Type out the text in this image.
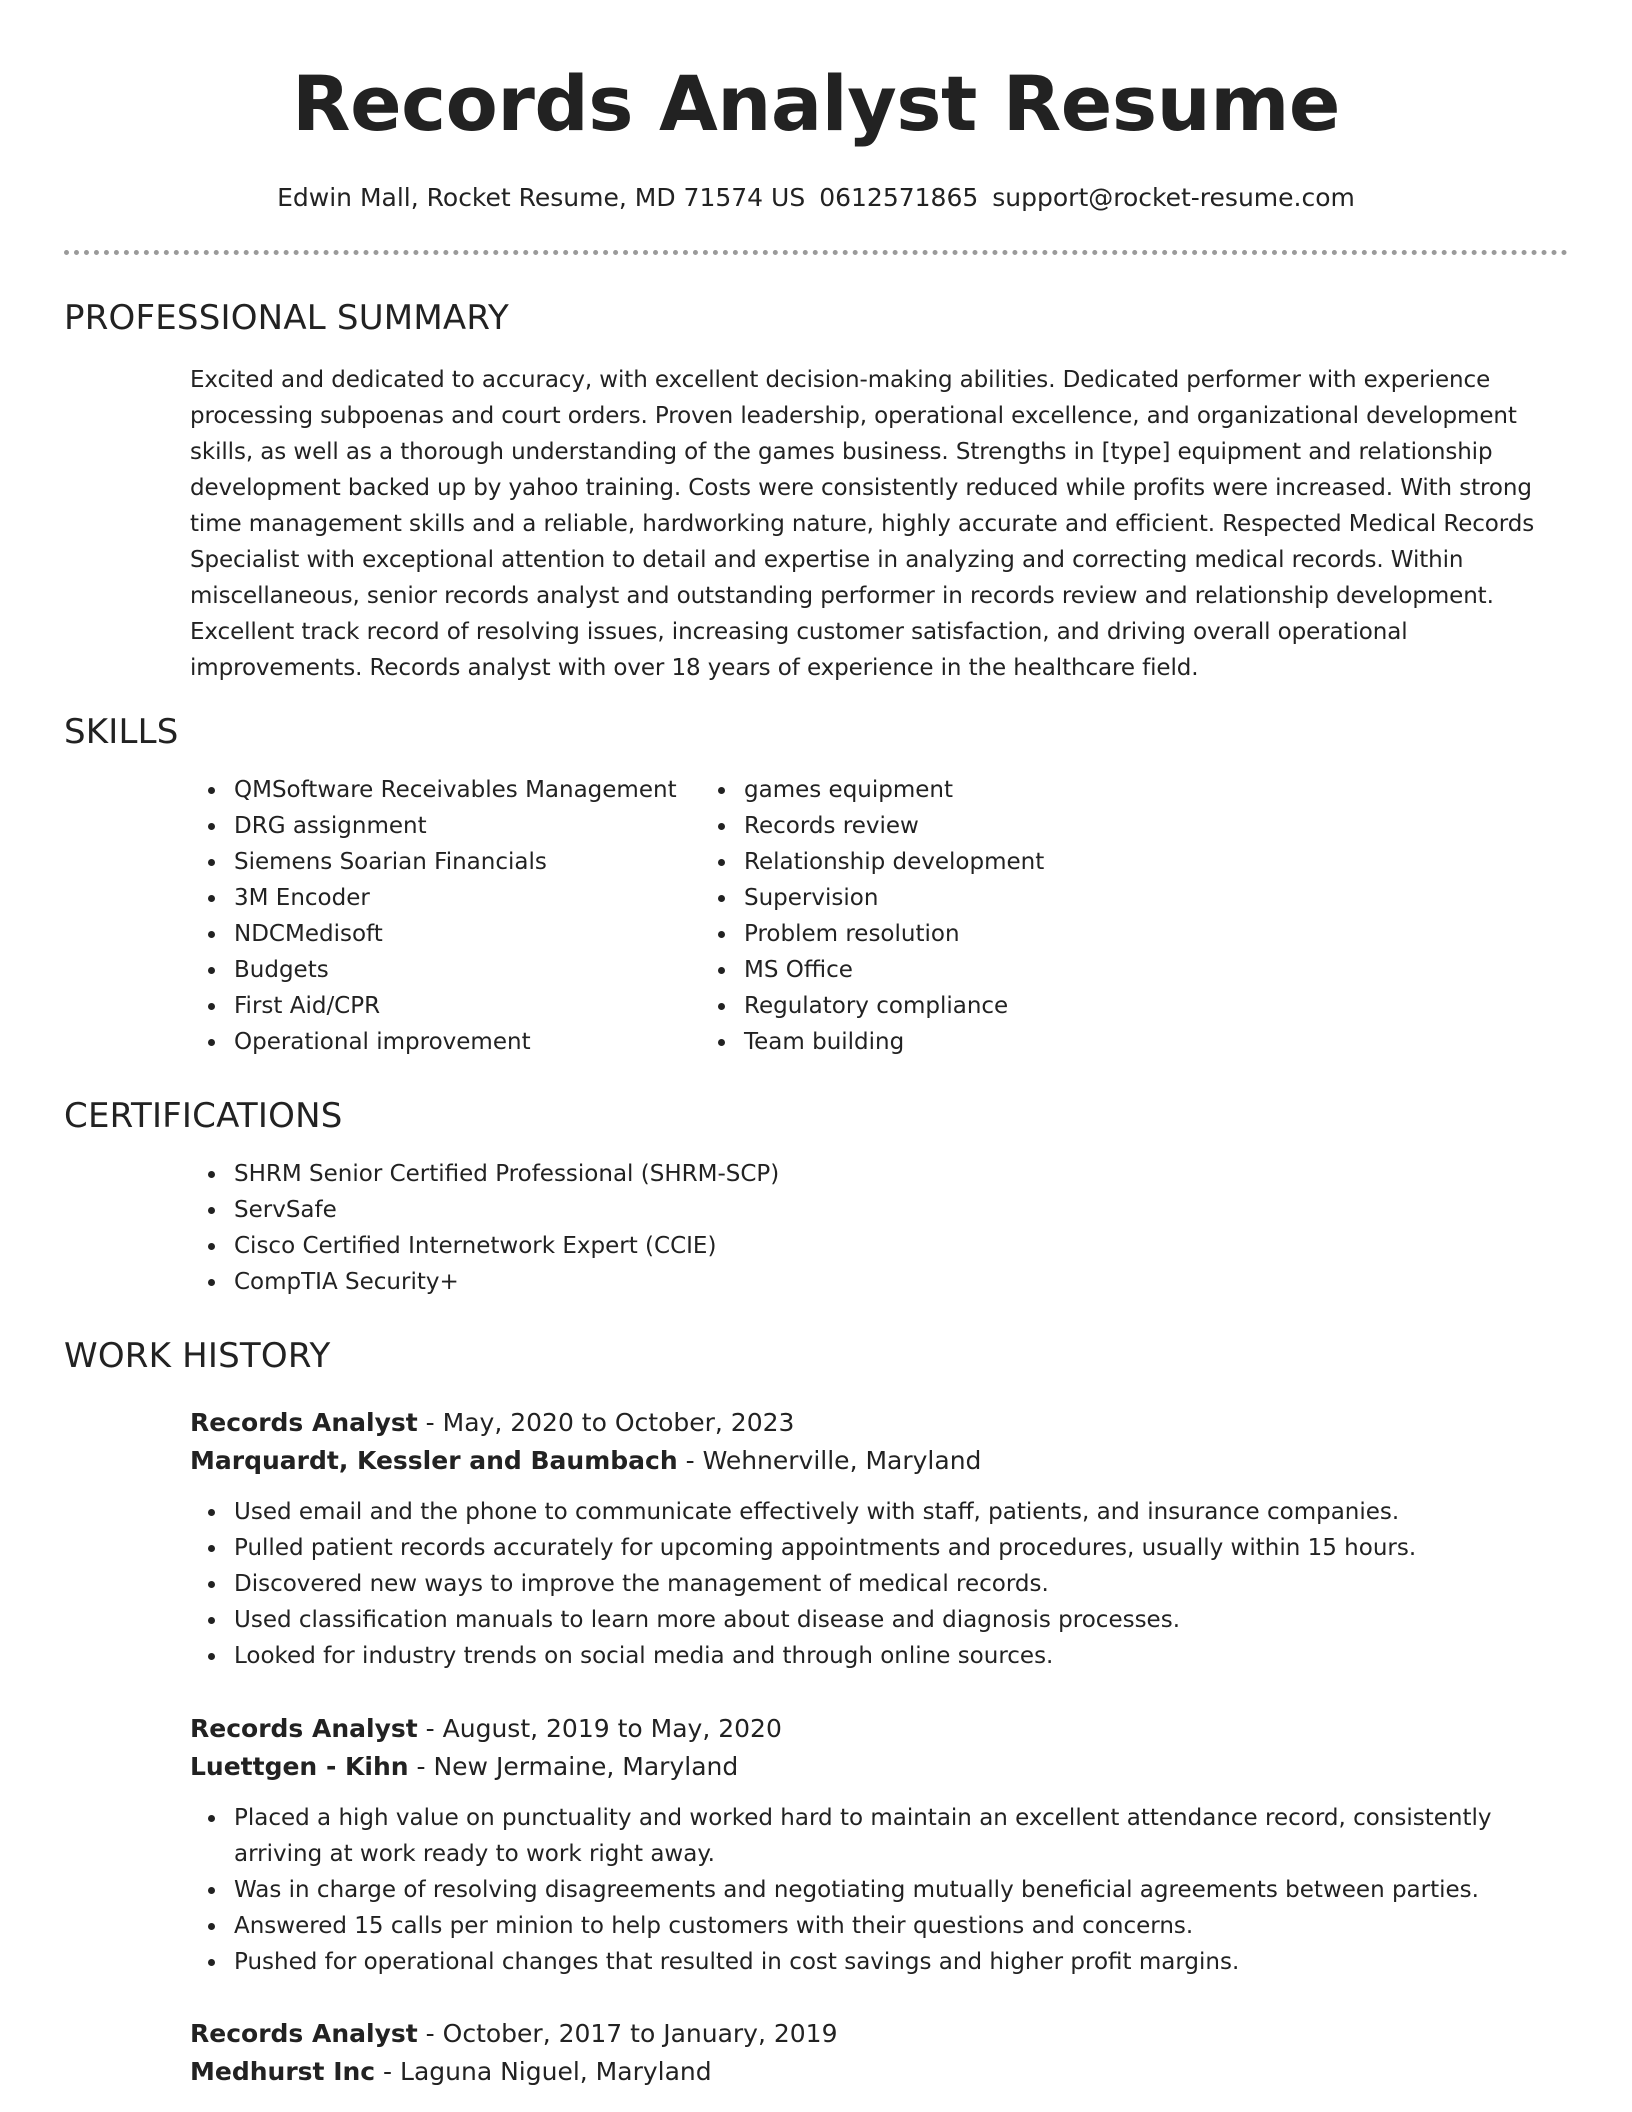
Records Analyst Resume
Edwin Mall, Rocket Resume, MD 71574 US 0612571865 support@rocket-resume.com
PROFESSIONAL SUMMARY
Excited and dedicated to accuracy, with excellent decision-making abilities. Dedicated performer with experience processing subpoenas and court orders. Proven leadership, operational excellence, and organizational development skills, as well as a thorough understanding of the games business. Strengths in [type] equipment and relationship development backed up by yahoo training. Costs were consistently reduced while profits were increased. With strong time management skills and a reliable, hardworking nature, highly accurate and efficient. Respected Medical Records Specialist with exceptional attention to detail and expertise in analyzing and correcting medical records. Within miscellaneous, senior records analyst and outstanding performer in records review and relationship development. Excellent track record of resolving issues, increasing customer satisfaction, and driving overall operational improvements. Records analyst with over 18 years of experience in the healthcare field.
SKILLS
QMSoftware Receivables Management
DRG assignment
Siemens Soarian Financials
3M Encoder
NDCMedisoft
Budgets
First Aid/CPR
Operational improvement
games equipment
Records review
Relationship development
Supervision
Problem resolution
MS Office
Regulatory compliance
Team building
CERTIFICATIONS
SHRM Senior Certified Professional (SHRM-SCP)
ServSafe
Cisco Certified Internetwork Expert (CCIE)
CompTIA Security+
WORK HISTORY
Records Analyst - May, 2020 to October, 2023
Marquardt, Kessler and Baumbach - Wehnerville, Maryland
Used email and the phone to communicate effectively with staff, patients, and insurance companies.
Pulled patient records accurately for upcoming appointments and procedures, usually within 15 hours.
Discovered new ways to improve the management of medical records.
Used classification manuals to learn more about disease and diagnosis processes.
Looked for industry trends on social media and through online sources.
Records Analyst - August, 2019 to May, 2020
Luettgen - Kihn - New Jermaine, Maryland
Placed a high value on punctuality and worked hard to maintain an excellent attendance record, consistently arriving at work ready to work right away.
Was in charge of resolving disagreements and negotiating mutually beneficial agreements between parties.
Answered 15 calls per minion to help customers with their questions and concerns.
Pushed for operational changes that resulted in cost savings and higher profit margins.
Records Analyst - October, 2017 to January, 2019
Medhurst Inc - Laguna Niguel, Maryland
